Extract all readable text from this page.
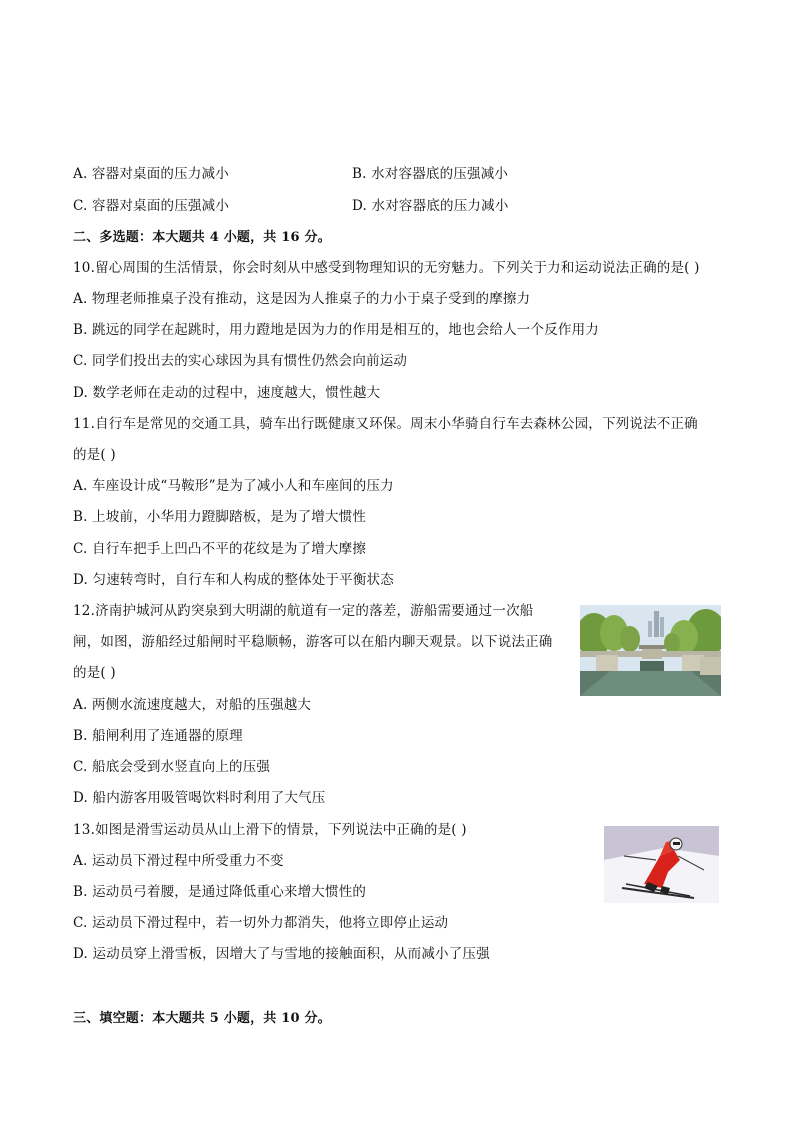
A. 容器对桌面的压力减小	B. 水对容器底的压强减小
C. 容器对桌面的压强减小	D. 水对容器底的压力减小
二、多选题：本大题共 4 小题，共 16 分。
10.留心周围的生活情景，你会时刻从中感受到物理知识的无穷魅力。下列关于力和运动说法正确的是( )
A. 物理老师推桌子没有推动，这是因为人推桌子的力小于桌子受到的摩擦力
B. 跳远的同学在起跳时，用力蹬地是因为力的作用是相互的，地也会给人一个反作用力
C. 同学们投出去的实心球因为具有惯性仍然会向前运动
D. 数学老师在走动的过程中，速度越大，惯性越大
11.自行车是常见的交通工具，骑车出行既健康又环保。周末小华骑自行车去森林公园，下列说法不正确
的是( )
A. 车座设计成“马鞍形”是为了减小人和车座间的压力
B. 上坡前，小华用力蹬脚踏板，是为了增大惯性
C. 自行车把手上凹凸不平的花纹是为了增大摩擦
D. 匀速转弯时，自行车和人构成的整体处于平衡状态
12.济南护城河从趵突泉到大明湖的航道有一定的落差，游船需要通过一次船
闸，如图，游船经过船闸时平稳顺畅，游客可以在船内聊天观景。以下说法正确
的是( )
A. 两侧水流速度越大，对船的压强越大
B. 船闸利用了连通器的原理
C. 船底会受到水竖直向上的压强
D. 船内游客用吸管喝饮料时利用了大气压
13.如图是滑雪运动员从山上滑下的情景，下列说法中正确的是( )
A. 运动员下滑过程中所受重力不变
B. 运动员弓着腰，是通过降低重心来增大惯性的
C. 运动员下滑过程中，若一切外力都消失，他将立即停止运动
D. 运动员穿上滑雪板，因增大了与雪地的接触面积，从而减小了压强
三、填空题：本大题共 5 小题，共 10 分。
